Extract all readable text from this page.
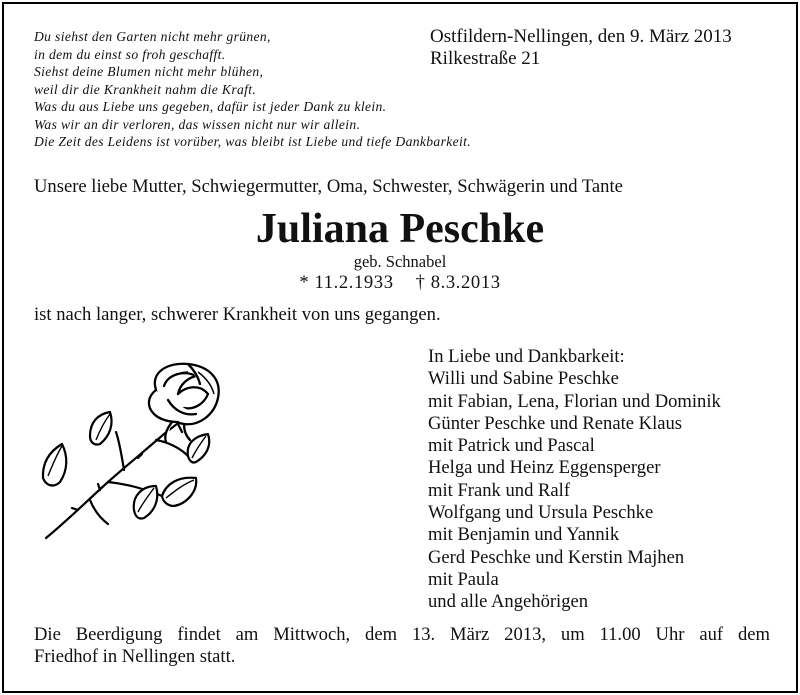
Du siehst den Garten nicht mehr grünen,
in dem du einst so froh geschafft.
Siehst deine Blumen nicht mehr blühen,
weil dir die Krankheit nahm die Kraft.
Was du aus Liebe uns gegeben, dafür ist jeder Dank zu klein.
Was wir an dir verloren, das wissen nicht nur wir allein.
Die Zeit des Leidens ist vorüber, was bleibt ist Liebe und tiefe Dankbarkeit.
Ostfildern-Nellingen, den 9. März 2013
Rilkestraße 21
Unsere liebe Mutter, Schwiegermutter, Oma, Schwester, Schwägerin und Tante
Juliana Peschke
geb. Schnabel
* 11.2.1933 † 8.3.2013
ist nach langer, schwerer Krankheit von uns gegangen.
In Liebe und Dankbarkeit:
Willi und Sabine Peschke
mit Fabian, Lena, Florian und Dominik
Günter Peschke und Renate Klaus
mit Patrick und Pascal
Helga und Heinz Eggensperger
mit Frank und Ralf
Wolfgang und Ursula Peschke
mit Benjamin und Yannik
Gerd Peschke und Kerstin Majhen
mit Paula
und alle Angehörigen
Die Beerdigung findet am Mittwoch, dem 13. März 2013, um 11.00 Uhr auf dem
Friedhof in Nellingen statt.
